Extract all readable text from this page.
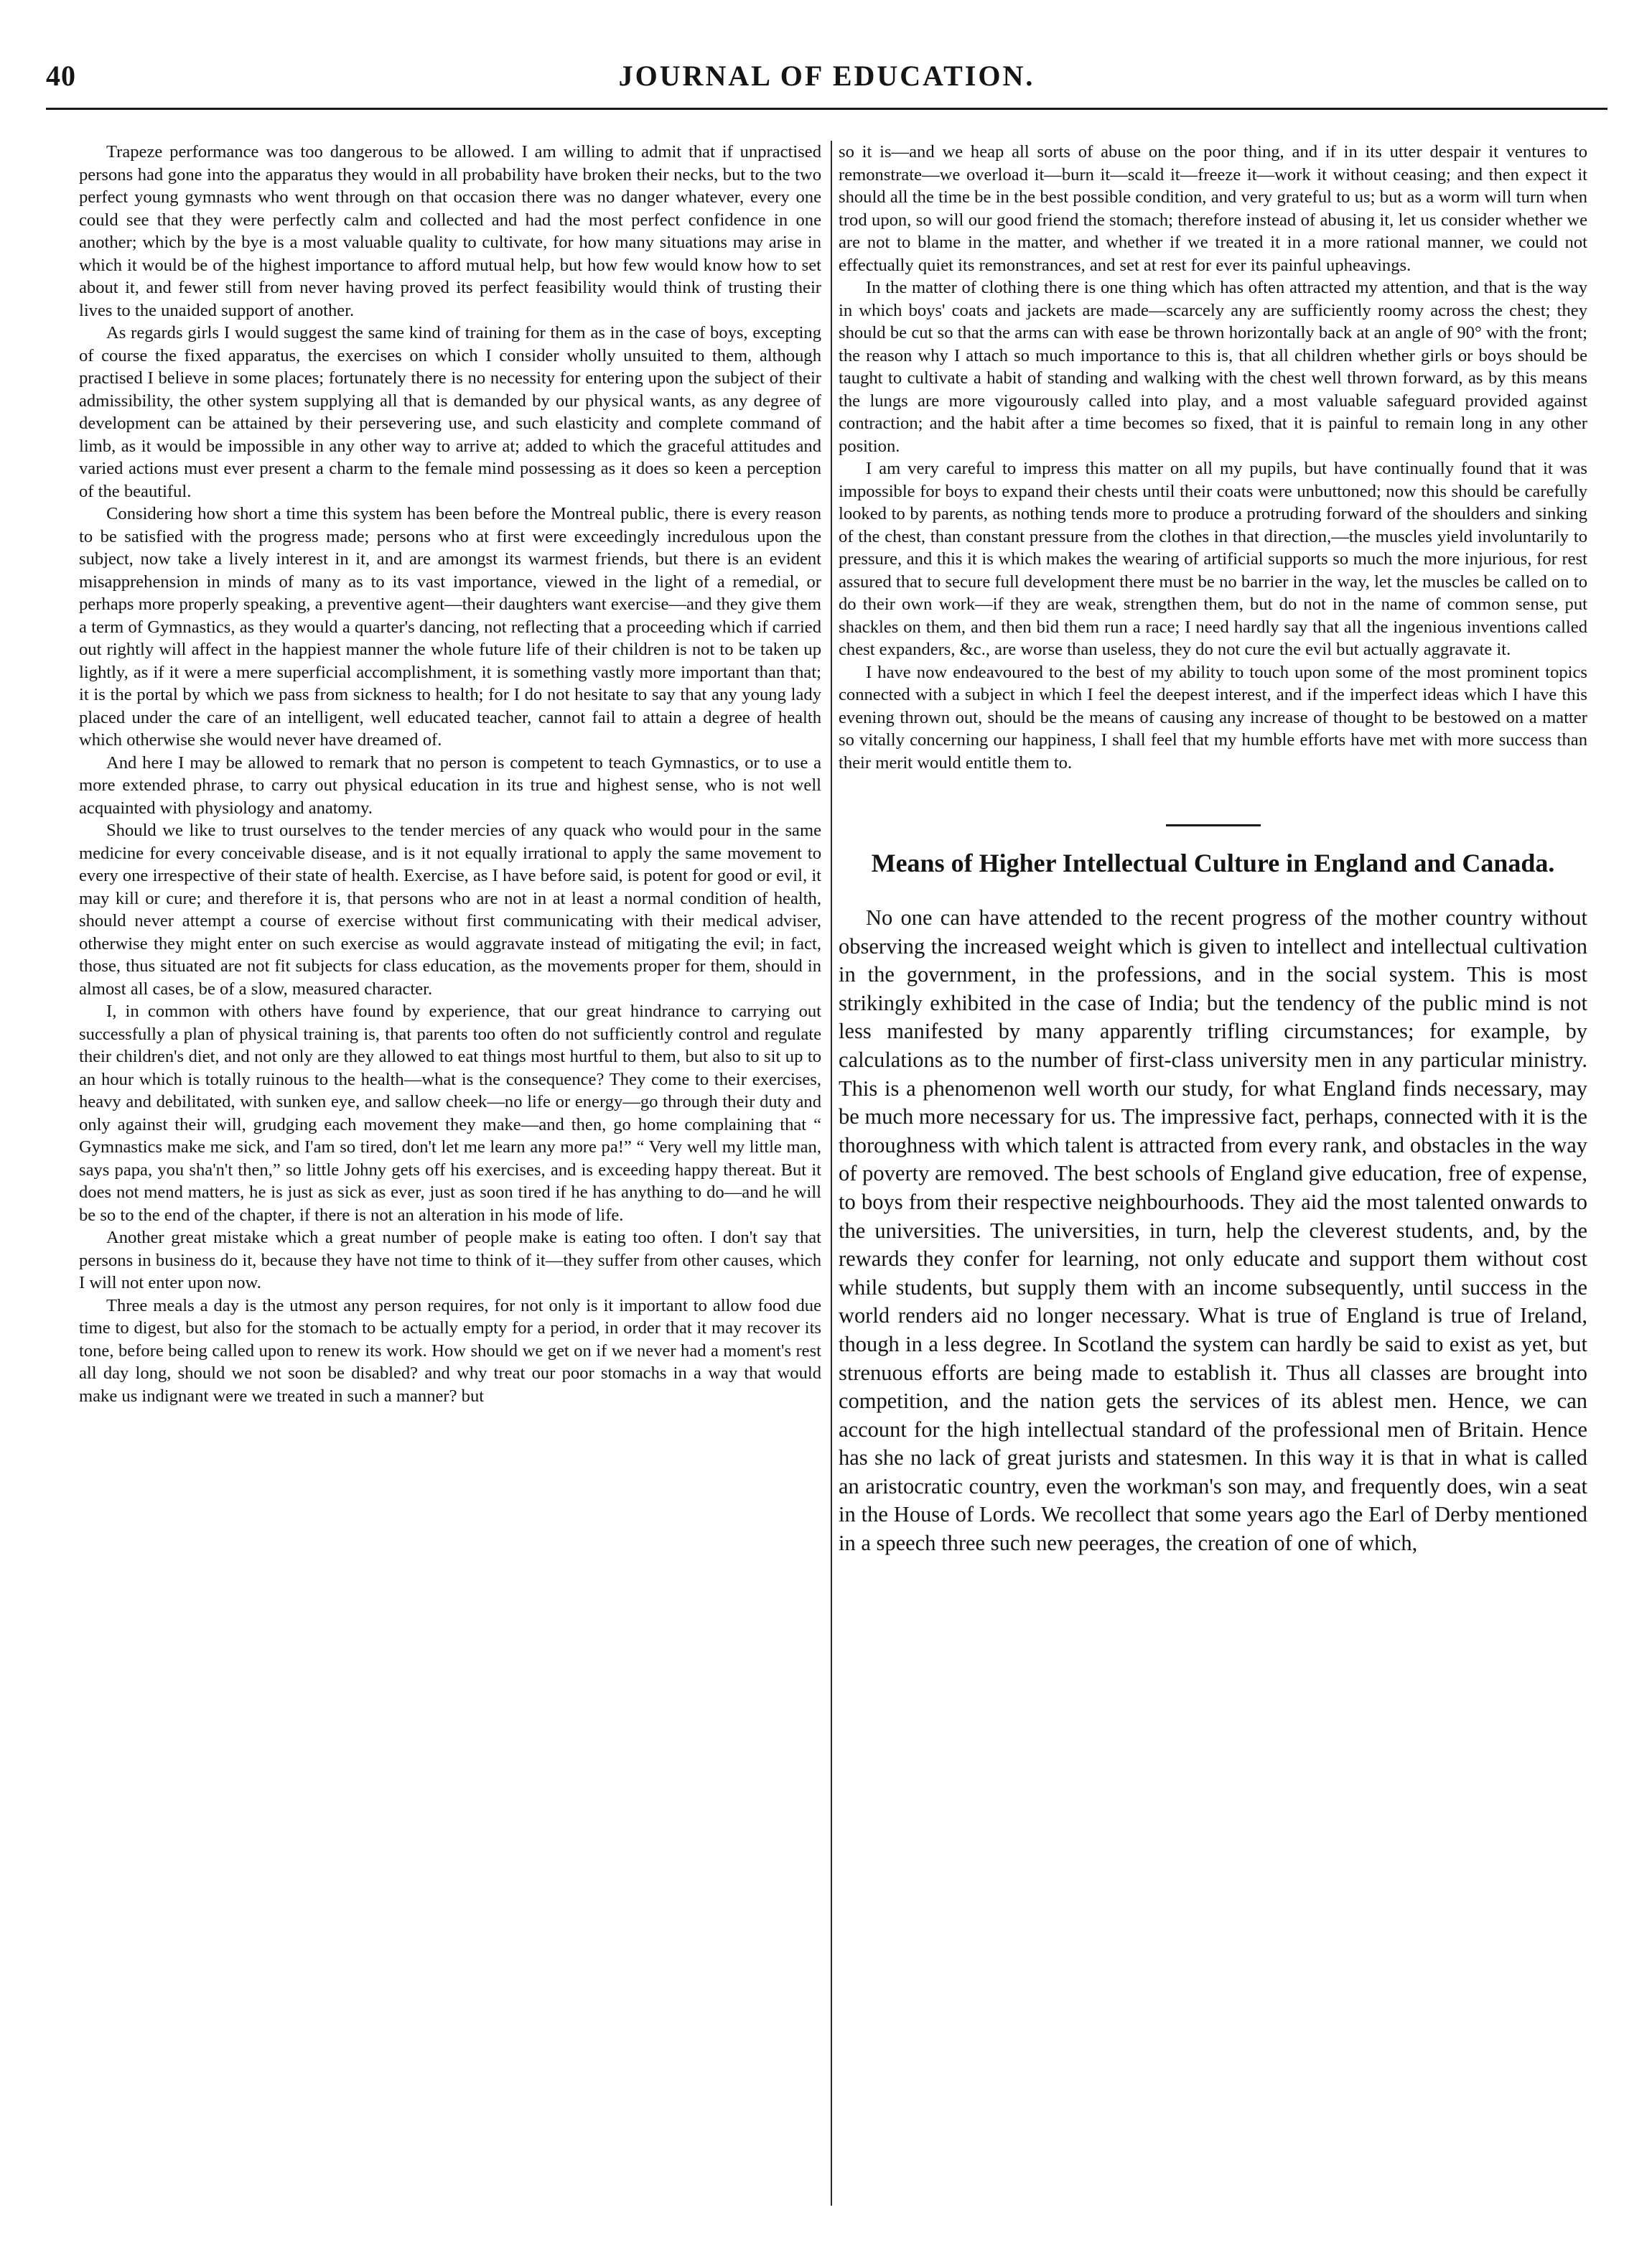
40	JOURNAL OF EDUCATION.

Trapeze performance was too dangerous to be allowed. I am willing to admit that if unpractised persons had gone into the apparatus they would in all probability have broken their necks, but to the two perfect young gymnasts who went through on that occasion there was no danger whatever, every one could see that they were perfectly calm and collected and had the most perfect confidence in one another; which by the bye is a most valuable quality to cultivate, for how many situations may arise in which it would be of the highest importance to afford mutual help, but how few would know how to set about it, and fewer still from never having proved its perfect feasibility would think of trusting their lives to the unaided support of another.

As regards girls I would suggest the same kind of training for them as in the case of boys, excepting of course the fixed apparatus, the exercises on which I consider wholly unsuited to them, although practised I believe in some places; fortunately there is no necessity for entering upon the subject of their admissibility, the other system supplying all that is demanded by our physical wants, as any degree of development can be attained by their persevering use, and such elasticity and complete command of limb, as it would be impossible in any other way to arrive at; added to which the graceful attitudes and varied actions must ever present a charm to the female mind possessing as it does so keen a perception of the beautiful.

Considering how short a time this system has been before the Montreal public, there is every reason to be satisfied with the progress made; persons who at first were exceedingly incredulous upon the subject, now take a lively interest in it, and are amongst its warmest friends, but there is an evident misapprehension in minds of many as to its vast importance, viewed in the light of a remedial, or perhaps more properly speaking, a preventive agent—their daughters want exercise—and they give them a term of Gymnastics, as they would a quarter's dancing, not reflecting that a proceeding which if carried out rightly will affect in the happiest manner the whole future life of their children is not to be taken up lightly, as if it were a mere superficial accomplishment, it is something vastly more important than that; it is the portal by which we pass from sickness to health; for I do not hesitate to say that any young lady placed under the care of an intelligent, well educated teacher, cannot fail to attain a degree of health which otherwise she would never have dreamed of.

And here I may be allowed to remark that no person is competent to teach Gymnastics, or to use a more extended phrase, to carry out physical education in its true and highest sense, who is not well acquainted with physiology and anatomy.

Should we like to trust ourselves to the tender mercies of any quack who would pour in the same medicine for every conceivable disease, and is it not equally irrational to apply the same movement to every one irrespective of their state of health. Exercise, as I have before said, is potent for good or evil, it may kill or cure; and therefore it is, that persons who are not in at least a normal condition of health, should never attempt a course of exercise without first communicating with their medical adviser, otherwise they might enter on such exercise as would aggravate instead of mitigating the evil; in fact, those, thus situated are not fit subjects for class education, as the movements proper for them, should in almost all cases, be of a slow, measured character.

I, in common with others have found by experience, that our great hindrance to carrying out successfully a plan of physical training is, that parents too often do not sufficiently control and regulate their children's diet, and not only are they allowed to eat things most hurtful to them, but also to sit up to an hour which is totally ruinous to the health—what is the consequence? They come to their exercises, heavy and debilitated, with sunken eye, and sallow cheek—no life or energy—go through their duty and only against their will, grudging each movement they make—and then, go home complaining that “ Gymnastics make me sick, and I'am so tired, don't let me learn any more pa!” “ Very well my little man, says papa, you sha'n't then,” so little Johny gets off his exercises, and is exceeding happy thereat. But it does not mend matters, he is just as sick as ever, just as soon tired if he has anything to do—and he will be so to the end of the chapter, if there is not an alteration in his mode of life.

Another great mistake which a great number of people make is eating too often. I don't say that persons in business do it, because they have not time to think of it—they suffer from other causes, which I will not enter upon now.

Three meals a day is the utmost any person requires, for not only is it important to allow food due time to digest, but also for the stomach to be actually empty for a period, in order that it may recover its tone, before being called upon to renew its work. How should we get on if we never had a moment's rest all day long, should we not soon be disabled? and why treat our poor stomachs in a way that would make us indignant were we treated in such a manner? but

so it is—and we heap all sorts of abuse on the poor thing, and if in its utter despair it ventures to remonstrate—we overload it—burn it—scald it—freeze it—work it without ceasing; and then expect it should all the time be in the best possible condition, and very grateful to us; but as a worm will turn when trod upon, so will our good friend the stomach; therefore instead of abusing it, let us consider whether we are not to blame in the matter, and whether if we treated it in a more rational manner, we could not effectually quiet its remonstrances, and set at rest for ever its painful upheavings.

In the matter of clothing there is one thing which has often attracted my attention, and that is the way in which boys' coats and jackets are made—scarcely any are sufficiently roomy across the chest; they should be cut so that the arms can with ease be thrown horizontally back at an angle of 90° with the front; the reason why I attach so much importance to this is, that all children whether girls or boys should be taught to cultivate a habit of standing and walking with the chest well thrown forward, as by this means the lungs are more vigourously called into play, and a most valuable safeguard provided against contraction; and the habit after a time becomes so fixed, that it is painful to remain long in any other position.

I am very careful to impress this matter on all my pupils, but have continually found that it was impossible for boys to expand their chests until their coats were unbuttoned; now this should be carefully looked to by parents, as nothing tends more to produce a protruding forward of the shoulders and sinking of the chest, than constant pressure from the clothes in that direction,—the muscles yield involuntarily to pressure, and this it is which makes the wearing of artificial supports so much the more injurious, for rest assured that to secure full development there must be no barrier in the way, let the muscles be called on to do their own work—if they are weak, strengthen them, but do not in the name of common sense, put shackles on them, and then bid them run a race; I need hardly say that all the ingenious inventions called chest expanders, &c., are worse than useless, they do not cure the evil but actually aggravate it.

I have now endeavoured to the best of my ability to touch upon some of the most prominent topics connected with a subject in which I feel the deepest interest, and if the imperfect ideas which I have this evening thrown out, should be the means of causing any increase of thought to be bestowed on a matter so vitally concerning our happiness, I shall feel that my humble efforts have met with more success than their merit would entitle them to.

Means of Higher Intellectual Culture in England and Canada.

No one can have attended to the recent progress of the mother country without observing the increased weight which is given to intellect and intellectual cultivation in the government, in the professions, and in the social system. This is most strikingly exhibited in the case of India; but the tendency of the public mind is not less manifested by many apparently trifling circumstances; for example, by calculations as to the number of first-class university men in any particular ministry. This is a phenomenon well worth our study, for what England finds necessary, may be much more necessary for us. The impressive fact, perhaps, connected with it is the thoroughness with which talent is attracted from every rank, and obstacles in the way of poverty are removed. The best schools of England give education, free of expense, to boys from their respective neighbourhoods. They aid the most talented onwards to the universities. The universities, in turn, help the cleverest students, and, by the rewards they confer for learning, not only educate and support them without cost while students, but supply them with an income subsequently, until success in the world renders aid no longer necessary. What is true of England is true of Ireland, though in a less degree. In Scotland the system can hardly be said to exist as yet, but strenuous efforts are being made to establish it. Thus all classes are brought into competition, and the nation gets the services of its ablest men. Hence, we can account for the high intellectual standard of the professional men of Britain. Hence has she no lack of great jurists and statesmen. In this way it is that in what is called an aristocratic country, even the workman's son may, and frequently does, win a seat in the House of Lords. We recollect that some years ago the Earl of Derby mentioned in a speech three such new peerages, the creation of one of which,
